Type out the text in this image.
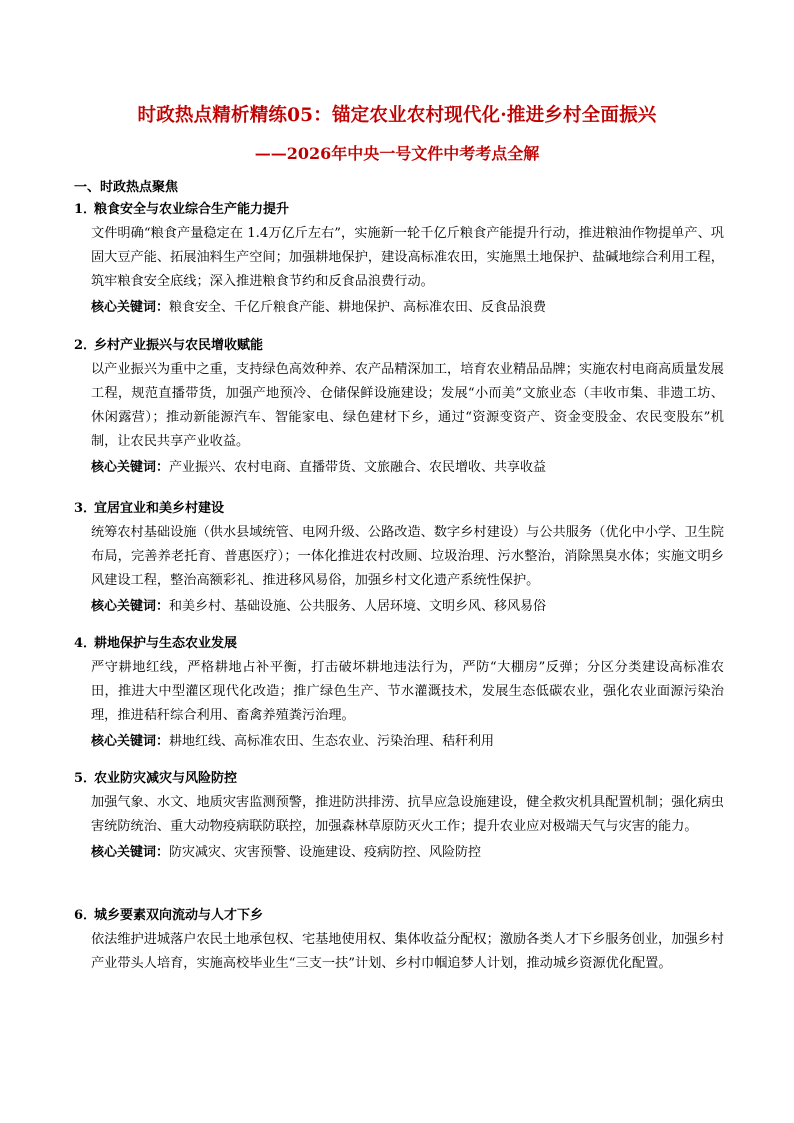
时政热点精析精练05：锚定农业农村现代化·推进乡村全面振兴
——2026年中央一号文件中考考点全解
一、时政热点聚焦
1．粮食安全与农业综合生产能力提升
文件明确“粮食产量稳定在 1.4万亿斤左右”，实施新一轮千亿斤粮食产能提升行动，推进粮油作物提单产、巩固大豆产能、拓展油料生产空间；加强耕地保护，建设高标准农田，实施黑土地保护、盐碱地综合利用工程，筑牢粮食安全底线；深入推进粮食节约和反食品浪费行动。
核心关键词：粮食安全、千亿斤粮食产能、耕地保护、高标准农田、反食品浪费
2．乡村产业振兴与农民增收赋能
以产业振兴为重中之重，支持绿色高效种养、农产品精深加工，培育农业精品品牌；实施农村电商高质量发展工程，规范直播带货，加强产地预冷、仓储保鲜设施建设；发展“小而美”文旅业态（丰收市集、非遗工坊、休闲露营）；推动新能源汽车、智能家电、绿色建材下乡，通过“资源变资产、资金变股金、农民变股东”机制，让农民共享产业收益。
核心关键词：产业振兴、农村电商、直播带货、文旅融合、农民增收、共享收益
3．宜居宜业和美乡村建设
统筹农村基础设施（供水县域统管、电网升级、公路改造、数字乡村建设）与公共服务（优化中小学、卫生院布局，完善养老托育、普惠医疗）；一体化推进农村改厕、垃圾治理、污水整治，消除黑臭水体；实施文明乡风建设工程，整治高额彩礼、推进移风易俗，加强乡村文化遗产系统性保护。
核心关键词：和美乡村、基础设施、公共服务、人居环境、文明乡风、移风易俗
4．耕地保护与生态农业发展
严守耕地红线，严格耕地占补平衡，打击破坏耕地违法行为，严防“大棚房”反弹；分区分类建设高标准农田，推进大中型灌区现代化改造；推广绿色生产、节水灌溉技术，发展生态低碳农业，强化农业面源污染治理，推进秸秆综合利用、畜禽养殖粪污治理。
核心关键词：耕地红线、高标准农田、生态农业、污染治理、秸秆利用
5．农业防灾减灾与风险防控
加强气象、水文、地质灾害监测预警，推进防洪排涝、抗旱应急设施建设，健全救灾机具配置机制；强化病虫害统防统治、重大动物疫病联防联控，加强森林草原防灭火工作；提升农业应对极端天气与灾害的能力。
核心关键词：防灾减灾、灾害预警、设施建设、疫病防控、风险防控
6．城乡要素双向流动与人才下乡
依法维护进城落户农民土地承包权、宅基地使用权、集体收益分配权；激励各类人才下乡服务创业，加强乡村产业带头人培育，实施高校毕业生“三支一扶”计划、乡村巾帼追梦人计划，推动城乡资源优化配置。
